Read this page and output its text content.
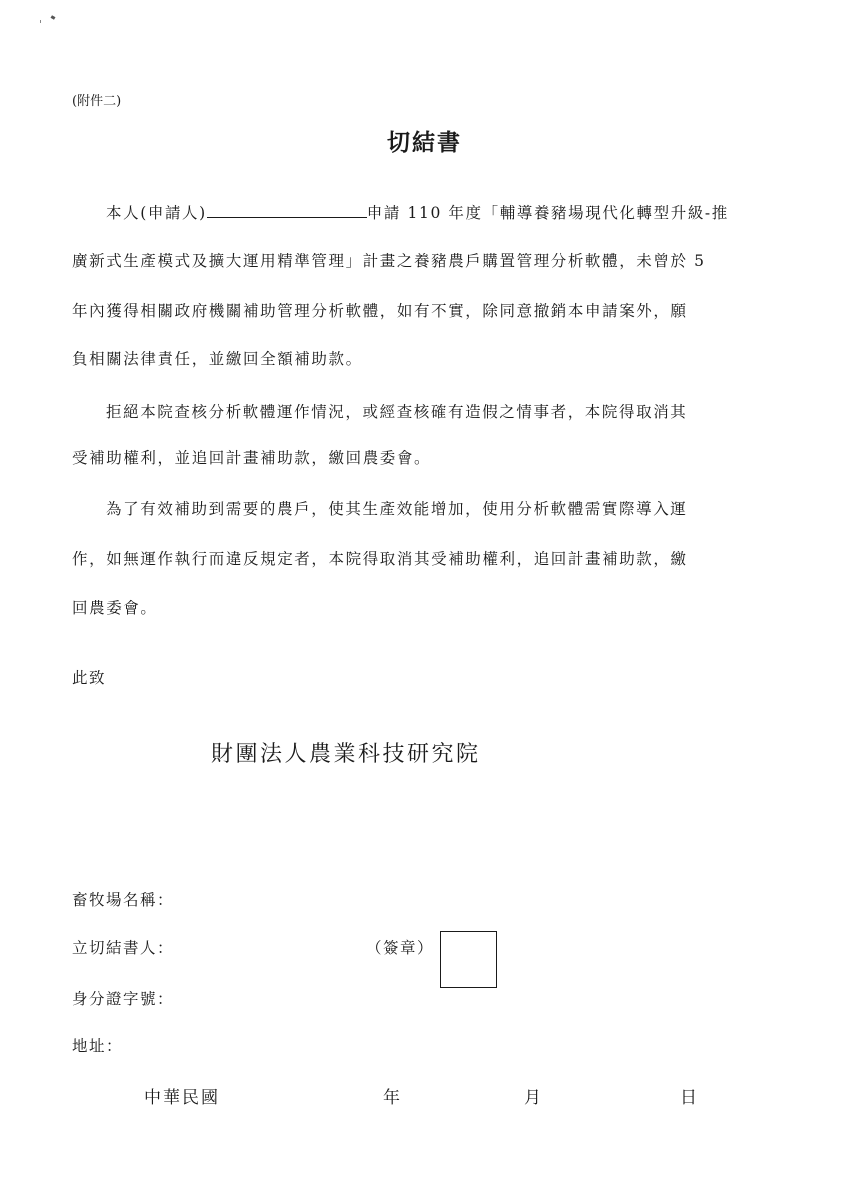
(附件二)
切結書
本人(申請人)	申請 110 年度「輔導養豬場現代化轉型升級-推
廣新式生產模式及擴大運用精準管理」計畫之養豬農戶購置管理分析軟體，未曾於 5
年內獲得相關政府機關補助管理分析軟體，如有不實，除同意撤銷本申請案外，願
負相關法律責任，並繳回全額補助款。
拒絕本院查核分析軟體運作情況，或經查核確有造假之情事者，本院得取消其
受補助權利，並追回計畫補助款，繳回農委會。
為了有效補助到需要的農戶，使其生產效能增加，使用分析軟體需實際導入運
作，如無運作執行而違反規定者，本院得取消其受補助權利，追回計畫補助款，繳
回農委會。
此致
財團法人農業科技研究院
畜牧場名稱：
立切結書人：	（簽章）
身分證字號：
地址：
中華民國	年	月	日
